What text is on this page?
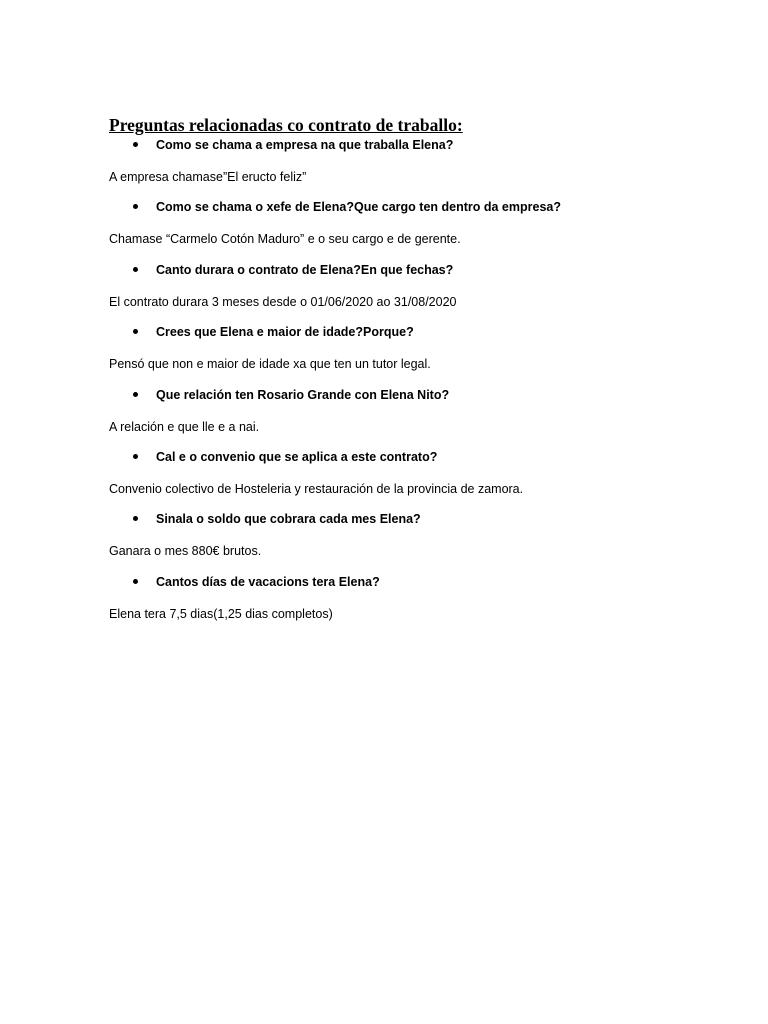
Preguntas relacionadas co contrato de traballo:
Como se chama a empresa na que traballa Elena?
A empresa chamase”El eructo feliz”
Como se chama o xefe de Elena?Que cargo ten dentro da empresa?
Chamase “Carmelo Cotón Maduro” e o seu cargo e de gerente.
Canto durara o contrato de Elena?En que fechas?
El contrato durara 3 meses desde o 01/06/2020 ao 31/08/2020
Crees que Elena e maior de idade?Porque?
Pensó que non e maior de idade xa que ten un tutor legal.
Que relación ten Rosario Grande con Elena Nito?
A relación e que lle e a nai.
Cal e o convenio que se aplica a este contrato?
Convenio colectivo de Hosteleria y restauración de la provincia de zamora.
Sinala o soldo que cobrara cada mes Elena?
Ganara o mes 880€ brutos.
Cantos días de vacacions tera Elena?
Elena tera 7,5 dias(1,25 dias completos)
